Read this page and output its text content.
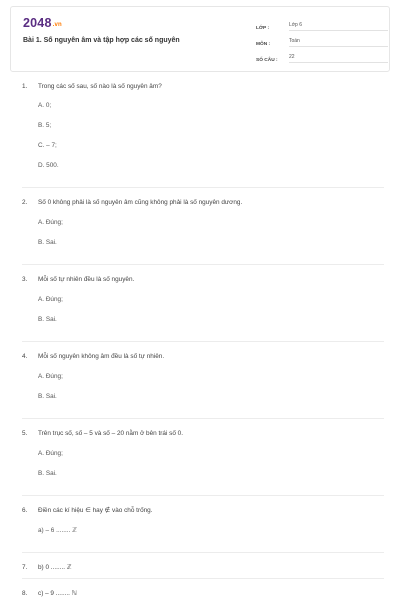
2048.vn
Bài 1. Số nguyên âm và tập hợp các số nguyên
LỚP :
Lớp 6
MÔN :
Toán
SỐ CÂU :
22
1.	Trong các số sau, số nào là số nguyên âm?
A. 0;
B. 5;
C. – 7;
D. 500.
2.	Số 0 không phải là số nguyên âm cũng không phải là số nguyên dương.
A. Đúng;
B. Sai.
3.	Mỗi số tự nhiên đều là số nguyên.
A. Đúng;
B. Sai.
4.	Mỗi số nguyên không âm đều là số tự nhiên.
A. Đúng;
B. Sai.
5.	Trên trục số, số – 5 và số – 20 nằm ở bên trái số 0.
A. Đúng;
B. Sai.
6.	Điền các kí hiệu ∈ hay ∉ vào chỗ trống.
a) – 6 ........ ℤ
7.	b) 0 ........ ℤ
8.	c) – 9 ........ ℕ
